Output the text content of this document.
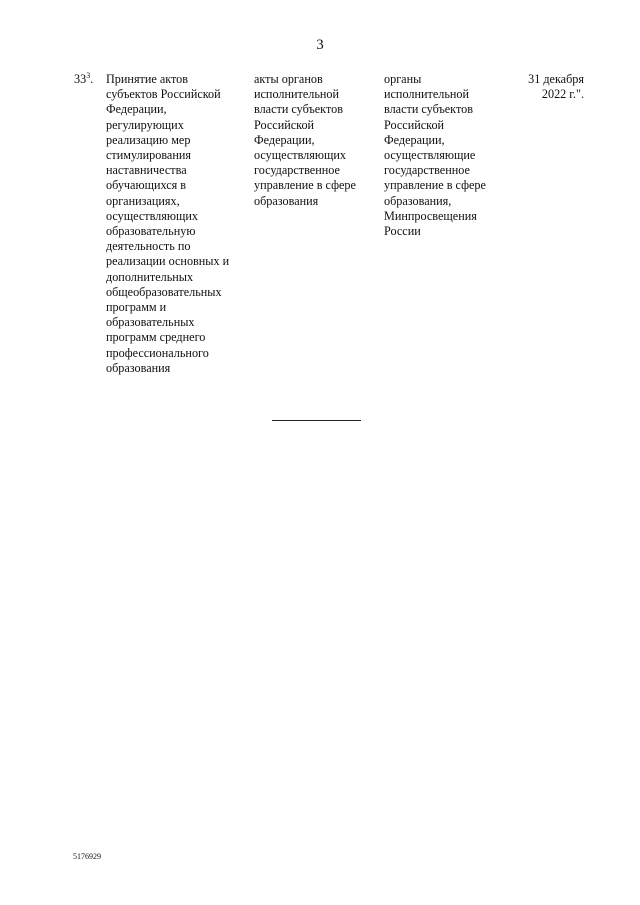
3
$33^3$. Принятие актов
субъектов Российской
Федерации,
регулирующих
реализацию мер
стимулирования
наставничества
обучающихся в
организациях,
осуществляющих
образовательную
деятельность по
реализации основных и
дополнительных
общеобразовательных
программ и
образовательных
программ среднего
профессионального
образования
акты органов
исполнительной
власти субъектов
Российской
Федерации,
осуществляющих
государственное
управление в сфере
образования
органы
исполнительной
власти субъектов
Российской
Федерации,
осуществляющие
государственное
управление в сфере
образования,
Минпросвещения
России
31 декабря
2022 г.".
5176929
